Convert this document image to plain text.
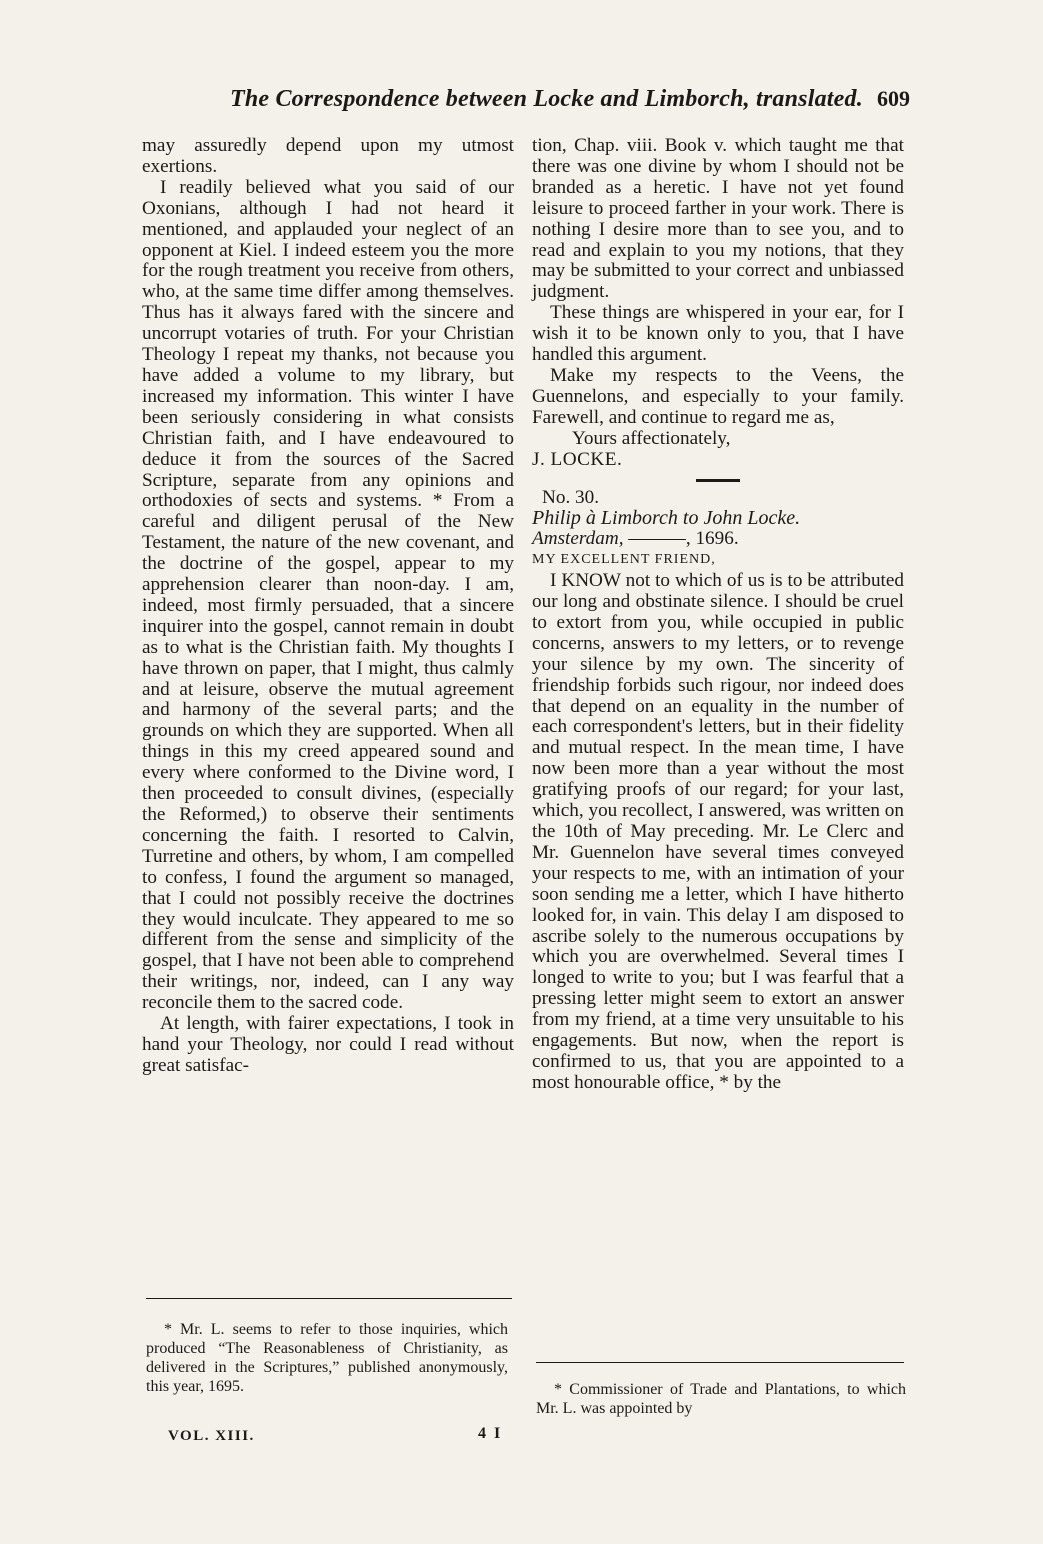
The Correspondence between Locke and Limborch, translated. 609

may assuredly depend upon my utmost exertions.

I readily believed what you said of our Oxonians, although I had not heard it mentioned, and applauded your neglect of an opponent at Kiel. I indeed esteem you the more for the rough treatment you receive from others, who, at the same time differ among themselves. Thus has it always fared with the sincere and uncorrupt votaries of truth. For your Christian Theology I repeat my thanks, not because you have added a volume to my library, but increased my information. This winter I have been seriously considering in what consists Christian faith, and I have endeavoured to deduce it from the sources of the Sacred Scripture, separate from any opinions and orthodoxies of sects and systems. * From a careful and diligent perusal of the New Testament, the nature of the new covenant, and the doctrine of the gospel, appear to my apprehension clearer than noon-day. I am, indeed, most firmly persuaded, that a sincere inquirer into the gospel, cannot remain in doubt as to what is the Christian faith. My thoughts I have thrown on paper, that I might, thus calmly and at leisure, observe the mutual agreement and harmony of the several parts; and the grounds on which they are supported. When all things in this my creed appeared sound and every where conformed to the Divine word, I then proceeded to consult divines, (especially the Reformed,) to observe their sentiments concerning the faith. I resorted to Calvin, Turretine and others, by whom, I am compelled to confess, I found the argument so managed, that I could not possibly receive the doctrines they would inculcate. They appeared to me so different from the sense and simplicity of the gospel, that I have not been able to comprehend their writings, nor, indeed, can I any way reconcile them to the sacred code.

At length, with fairer expectations, I took in hand your Theology, nor could I read without great satisfac-

* Mr. L. seems to refer to those inquiries, which produced “The Reasonableness of Christianity, as delivered in the Scriptures,” published anonymously, this year, 1695.

tion, Chap. viii. Book v. which taught me that there was one divine by whom I should not be branded as a heretic. I have not yet found leisure to proceed farther in your work. There is nothing I desire more than to see you, and to read and explain to you my notions, that they may be submitted to your correct and unbiassed judgment.

These things are whispered in your ear, for I wish it to be known only to you, that I have handled this argument.

Make my respects to the Veens, the Guennelons, and especially to your family. Farewell, and continue to regard me as,

Yours affectionately,

J. LOCKE.

No. 30.

Philip à Limborch to John Locke.

Amsterdam, ———, 1696.

MY EXCELLENT FRIEND,

I KNOW not to which of us is to be attributed our long and obstinate silence. I should be cruel to extort from you, while occupied in public concerns, answers to my letters, or to revenge your silence by my own. The sincerity of friendship forbids such rigour, nor indeed does that depend on an equality in the number of each correspondent's letters, but in their fidelity and mutual respect. In the mean time, I have now been more than a year without the most gratifying proofs of our regard; for your last, which, you recollect, I answered, was written on the 10th of May preceding. Mr. Le Clerc and Mr. Guennelon have several times conveyed your respects to me, with an intimation of your soon sending me a letter, which I have hitherto looked for, in vain. This delay I am disposed to ascribe solely to the numerous occupations by which you are overwhelmed. Several times I longed to write to you; but I was fearful that a pressing letter might seem to extort an answer from my friend, at a time very unsuitable to his engagements. But now, when the report is confirmed to us, that you are appointed to a most honourable office, * by the

* Commissioner of Trade and Plantations, to which Mr. L. was appointed by
VOL. XIII.	4 I
